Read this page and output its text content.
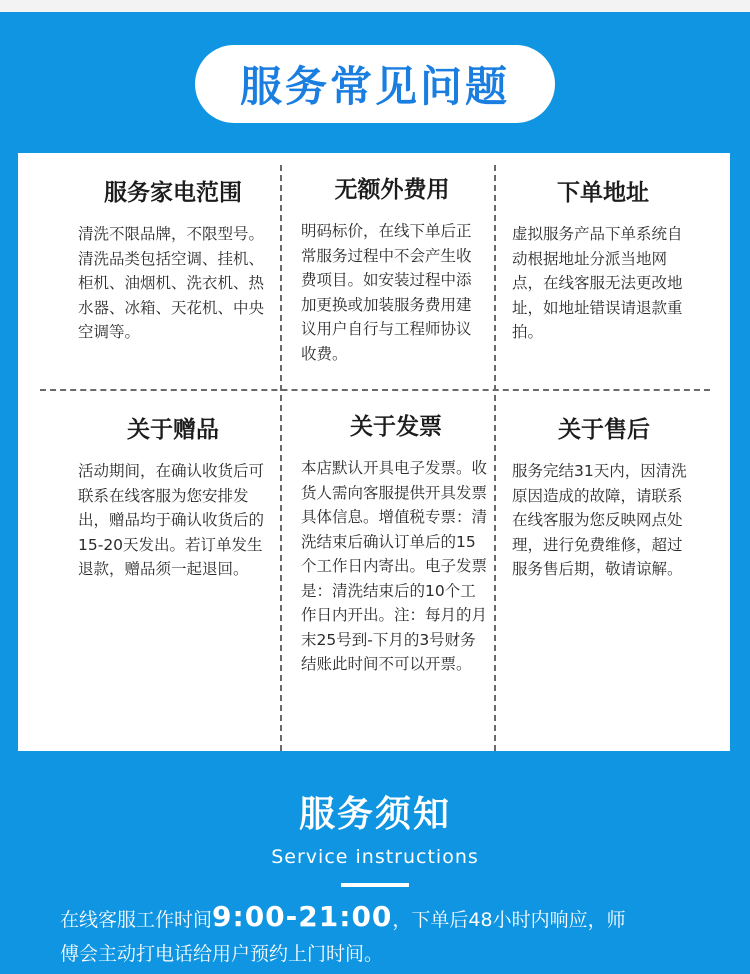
服务常见问题
服务家电范围
清洗不限品牌，不限型号。清洗品类包括空调、挂机、柜机、油烟机、洗衣机、热水器、冰箱、天花机、中央空调等。
无额外费用
明码标价，在线下单后正常服务过程中不会产生收费项目。如安装过程中添加更换或加装服务费用建议用户自行与工程师协议收费。
下单地址
虚拟服务产品下单系统自动根据地址分派当地网点，在线客服无法更改地址，如地址错误请退款重拍。
关于赠品
活动期间，在确认收货后可联系在线客服为您安排发出，赠品均于确认收货后的15-20天发出。若订单发生退款，赠品须一起退回。
关于发票
本店默认开具电子发票。收货人需向客服提供开具发票具体信息。增值税专票：清洗结束后确认订单后的15个工作日内寄出。电子发票是：清洗结束后的10个工作日内开出。注：每月的月末25号到-下月的3号财务结账此时间不可以开票。
关于售后
服务完结31天内，因清洗原因造成的故障，请联系在线客服为您反映网点处理，进行免费维修，超过服务售后期，敬请谅解。
服务须知
Service instructions
在线客服工作时间9:00-21:00，下单后48小时内响应，师
傅会主动打电话给用户预约上门时间。
